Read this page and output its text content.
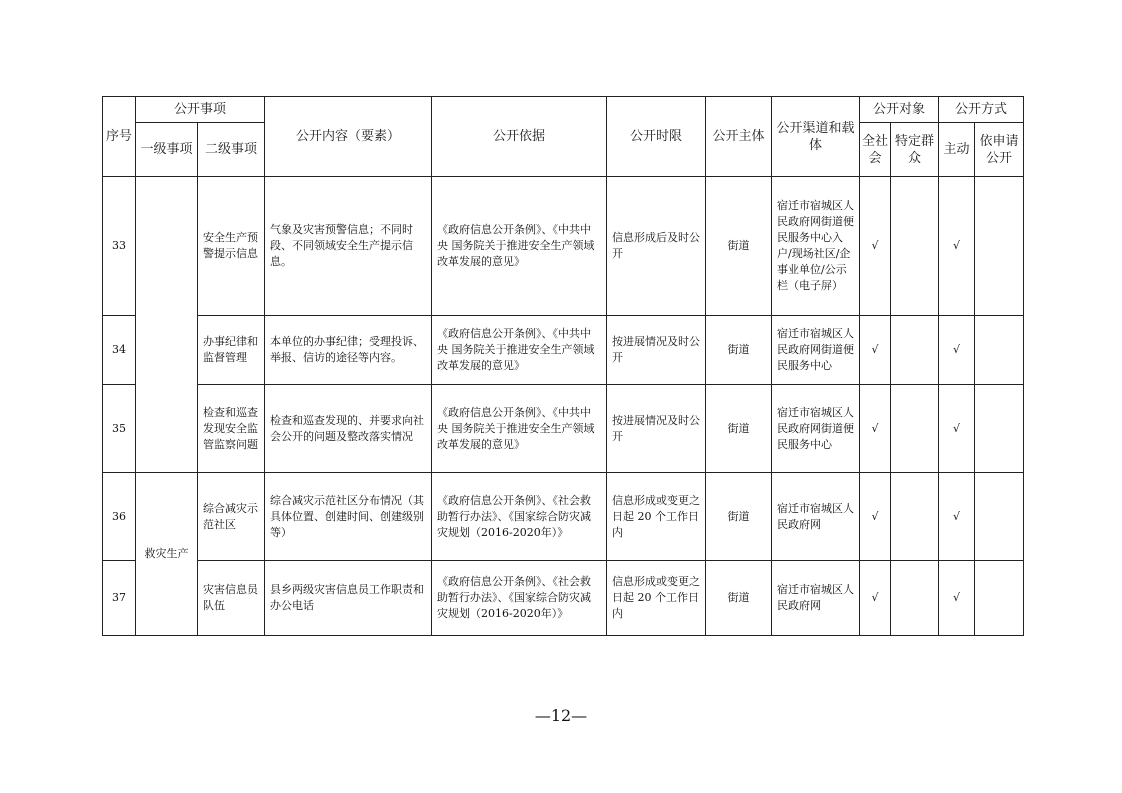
序号	公开事项		公开内容（要素）	公开依据	公开时限	公开主体	公开渠道和载体	公开对象		公开方式	
	一级事项	二级事项						全社会	特定群众	主动	依申请公开
33		安全生产预警提示信息	气象及灾害预警信息；不同时段、不同领域安全生产提示信息。	《政府信息公开条例》、《中共中央 国务院关于推进安全生产领域改革发展的意见》	信息形成后及时公开	街道	宿迁市宿城区人民政府网街道便民服务中心入户/现场社区/企事业单位/公示栏（电子屏）	√		√	
34		办事纪律和监督管理	本单位的办事纪律；受理投诉、举报、信访的途径等内容。	《政府信息公开条例》、《中共中央 国务院关于推进安全生产领域改革发展的意见》	按进展情况及时公开	街道	宿迁市宿城区人民政府网街道便民服务中心	√		√	
35		检查和巡查发现安全监管监察问题	检查和巡查发现的、并要求向社会公开的问题及整改落实情况	《政府信息公开条例》、《中共中央 国务院关于推进安全生产领域改革发展的意见》	按进展情况及时公开	街道	宿迁市宿城区人民政府网街道便民服务中心	√		√	
36	救灾生产	综合减灾示范社区	综合减灾示范社区分布情况（其具体位置、创建时间、创建级别等）	《政府信息公开条例》、《社会救助暂行办法》、《国家综合防灾减灾规划（2016-2020年）》	信息形成或变更之日起 20 个工作日内	街道	宿迁市宿城区人民政府网	√		√	
37		灾害信息员队伍	县乡两级灾害信息员工作职责和办公电话	《政府信息公开条例》、《社会救助暂行办法》、《国家综合防灾减灾规划（2016-2020年）》	信息形成或变更之日起 20 个工作日内	街道	宿迁市宿城区人民政府网	√		√	
—12—
